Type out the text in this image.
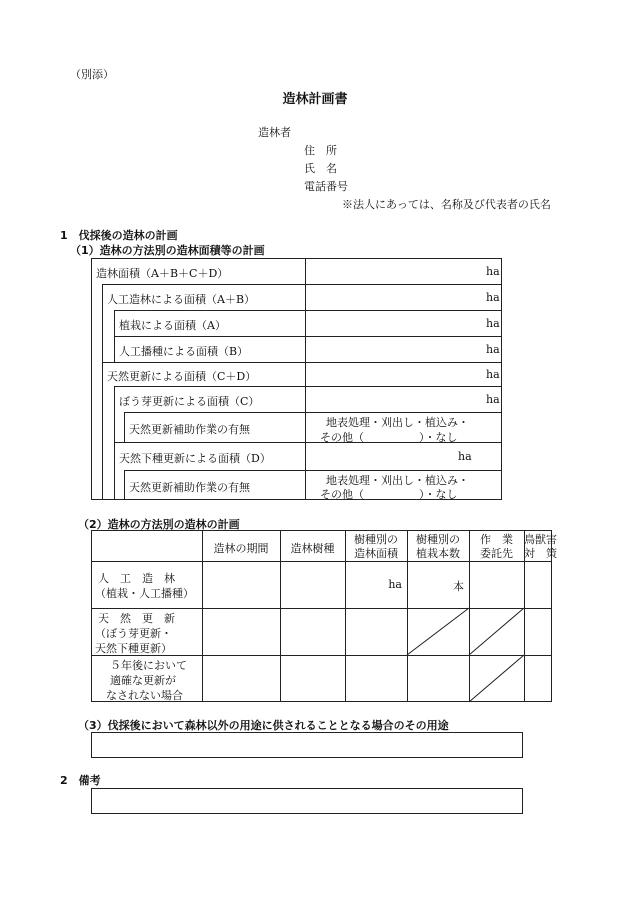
（別添）
造林計画書
造林者
住　所
氏　名
電話番号
※法人にあっては、名称及び代表者の氏名
1　伐採後の造林の計画
（1）造林の方法別の造林面積等の計画
造林面積（A＋B＋C＋D）
人工造林による面積（A＋B）
植栽による面積（A）
人工播種による面積（B）
天然更新による面積（C＋D）
ぼう芽更新による面積（C）
天然更新補助作業の有無
天然下種更新による面積（D）
天然更新補助作業の有無
ha
ha
ha
ha
ha
ha
地表処理・刈出し・植込み・
その他（　　　　　）・なし
ha
地表処理・刈出し・植込み・
その他（　　　　　）・なし
（2）造林の方法別の造林の計画
造林の期間	造林樹種
樹種別の
造林面積
樹種別の
植栽本数
作　業
委託先
鳥獣害
対　策
人　工　造　林
（植栽・人工播種）
ha	本
天　然　更　新
（ぼう芽更新・
天然下種更新）
５年後において
適確な更新が
なされない場合
（3）伐採後において森林以外の用途に供されることとなる場合のその用途
2　備考
